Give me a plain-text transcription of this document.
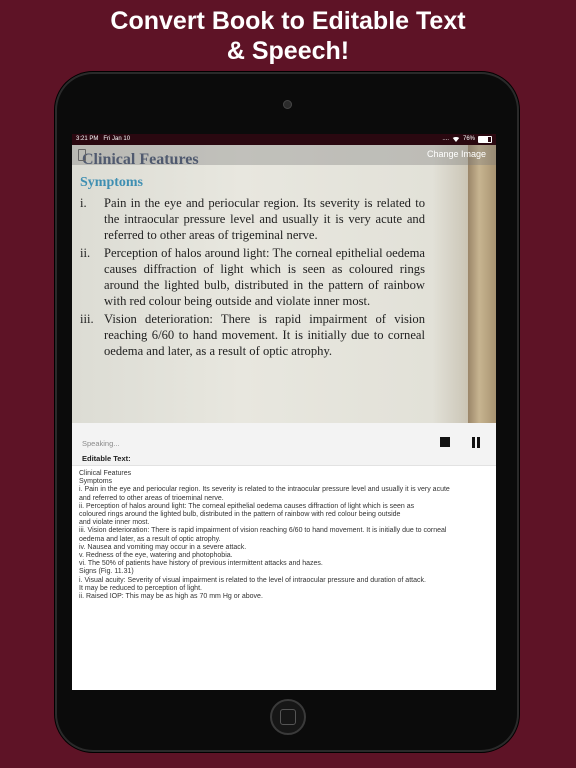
Convert Book to Editable Text
& Speech!
3:21 PM Fri Jan 10	.... 76%
Clinical Features
Symptoms
i.	Pain in the eye and periocular region. Its severity is related to the intraocular pressure level and usually it is very acute and referred to other areas of trigeminal nerve.
ii.	Perception of halos around light: The corneal epithelial oedema causes diffraction of light which is seen as coloured rings around the lighted bulb, distributed in the pattern of rainbow with red colour being outside and violate inner most.
iii. Vision deterioration: There is rapid impairment of vision reaching 6/60 to hand movement. It is initially due to corneal oedema and later, as a result of optic atrophy.
Change Image
Speaking...
Editable Text:
Clinical Features
Symptoms
i. Pain in the eye and periocular region. Its severity is related to the intraocular pressure level and usually it is very acute
and referred to other areas of trioeminal nerve.
ii. Perception of halos around light: The corneal epithelial oedema causes diffraction of light which is seen as
coloured rings around the lighted bulb, distributed in the pattern of rainbow with red colour being outside
and violate inner most.
iii. Vision deterioration: There is rapid impairment of vision reaching 6/60 to hand movement. It is initially due to corneal
oedema and later, as a result of optic atrophy.
iv. Nausea and vomiting may occur in a severe attack.
v. Redness of the eye, watering and photophobia.
vi. The 50% of patients have history of previous intermittent attacks and hazes.
Signs (Fig. 11.31)
i. Visual acuity: Severity of visual impairment is related to the level of intraocular pressure and duration of attack.
It may be reduced to perception of light.
ii. Raised IOP: This may be as high as 70 mm Hg or above.
